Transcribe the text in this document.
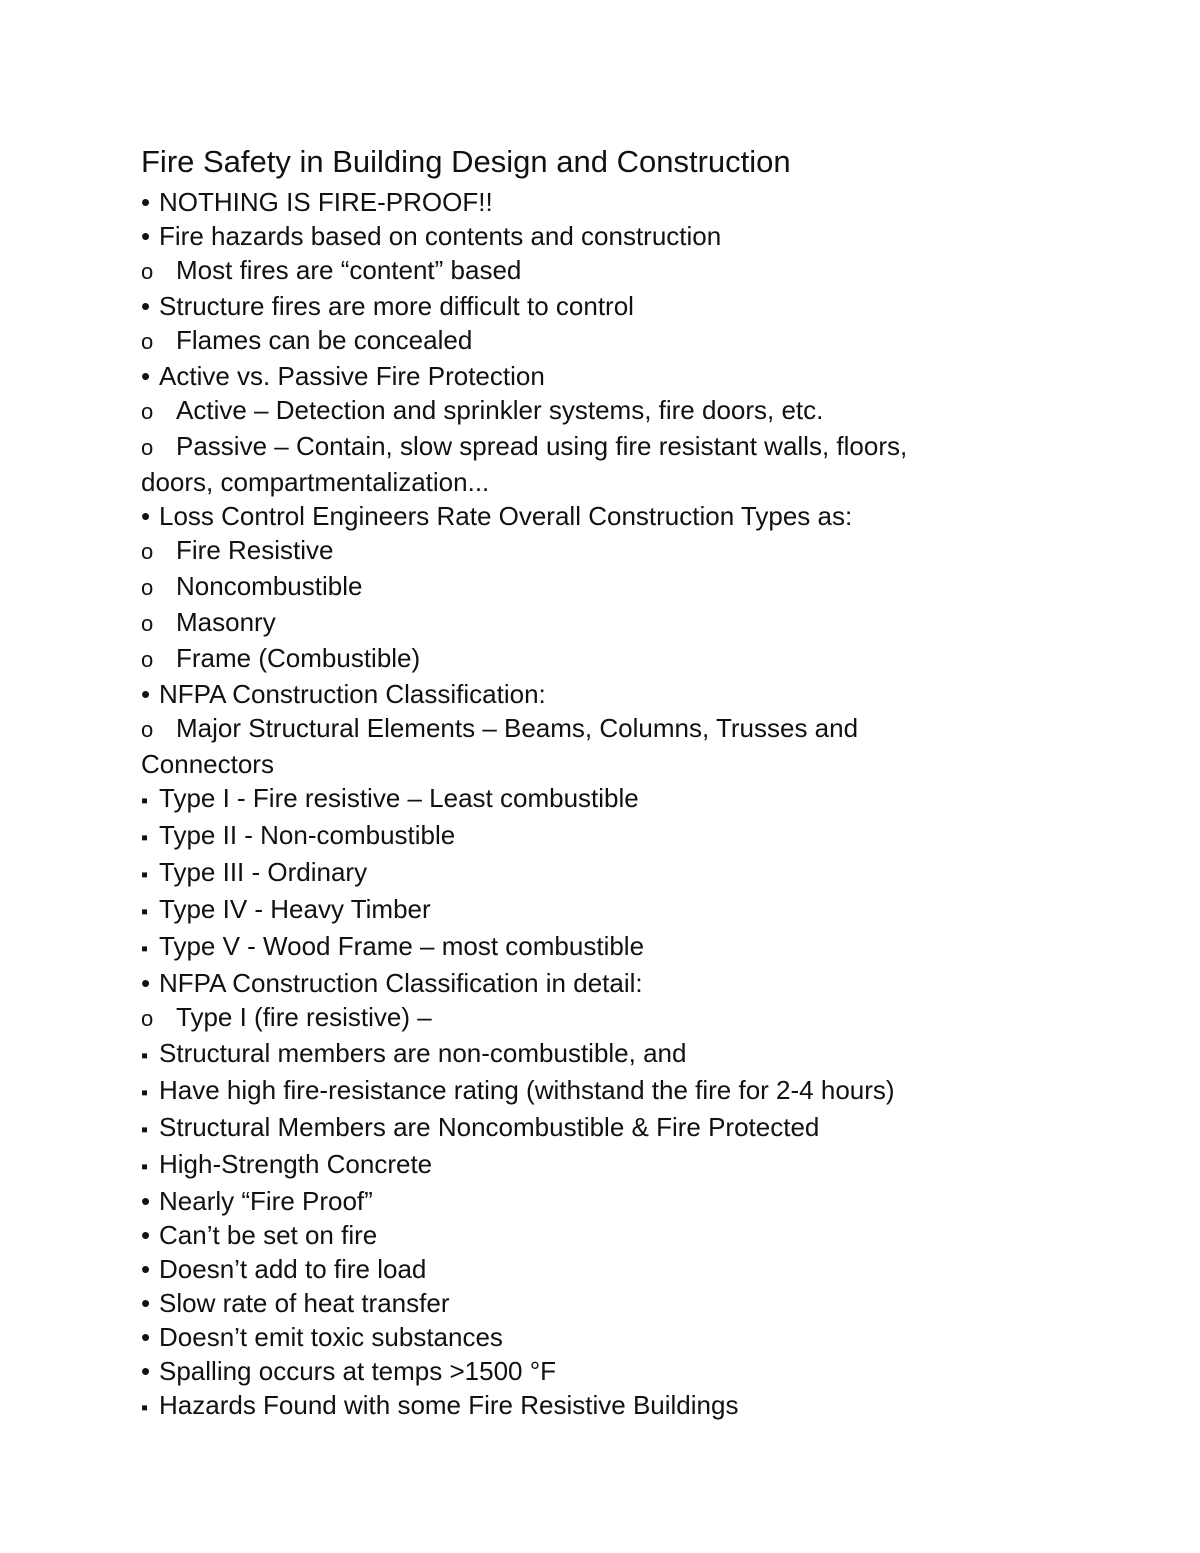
Fire Safety in Building Design and Construction
• NOTHING IS FIRE-PROOF!!
• Fire hazards based on contents and construction
o Most fires are “content” based
• Structure fires are more difficult to control
o Flames can be concealed
• Active vs. Passive Fire Protection
o Active – Detection and sprinkler systems, fire doors, etc.
o Passive – Contain, slow spread using fire resistant walls, floors,
doors, compartmentalization...
• Loss Control Engineers Rate Overall Construction Types as:
o Fire Resistive
o Noncombustible
o Masonry
o Frame (Combustible)
• NFPA Construction Classification:
o Major Structural Elements – Beams, Columns, Trusses and
Connectors
▪ Type I - Fire resistive – Least combustible
▪ Type II - Non-combustible
▪ Type III - Ordinary
▪ Type IV - Heavy Timber
▪ Type V - Wood Frame – most combustible
• NFPA Construction Classification in detail:
o Type I (fire resistive) –
▪ Structural members are non-combustible, and
▪ Have high fire-resistance rating (withstand the fire for 2-4 hours)
▪ Structural Members are Noncombustible & Fire Protected
▪ High-Strength Concrete
• Nearly “Fire Proof”
• Can’t be set on fire
• Doesn’t add to fire load
• Slow rate of heat transfer
• Doesn’t emit toxic substances
• Spalling occurs at temps >1500 °F
▪ Hazards Found with some Fire Resistive Buildings
